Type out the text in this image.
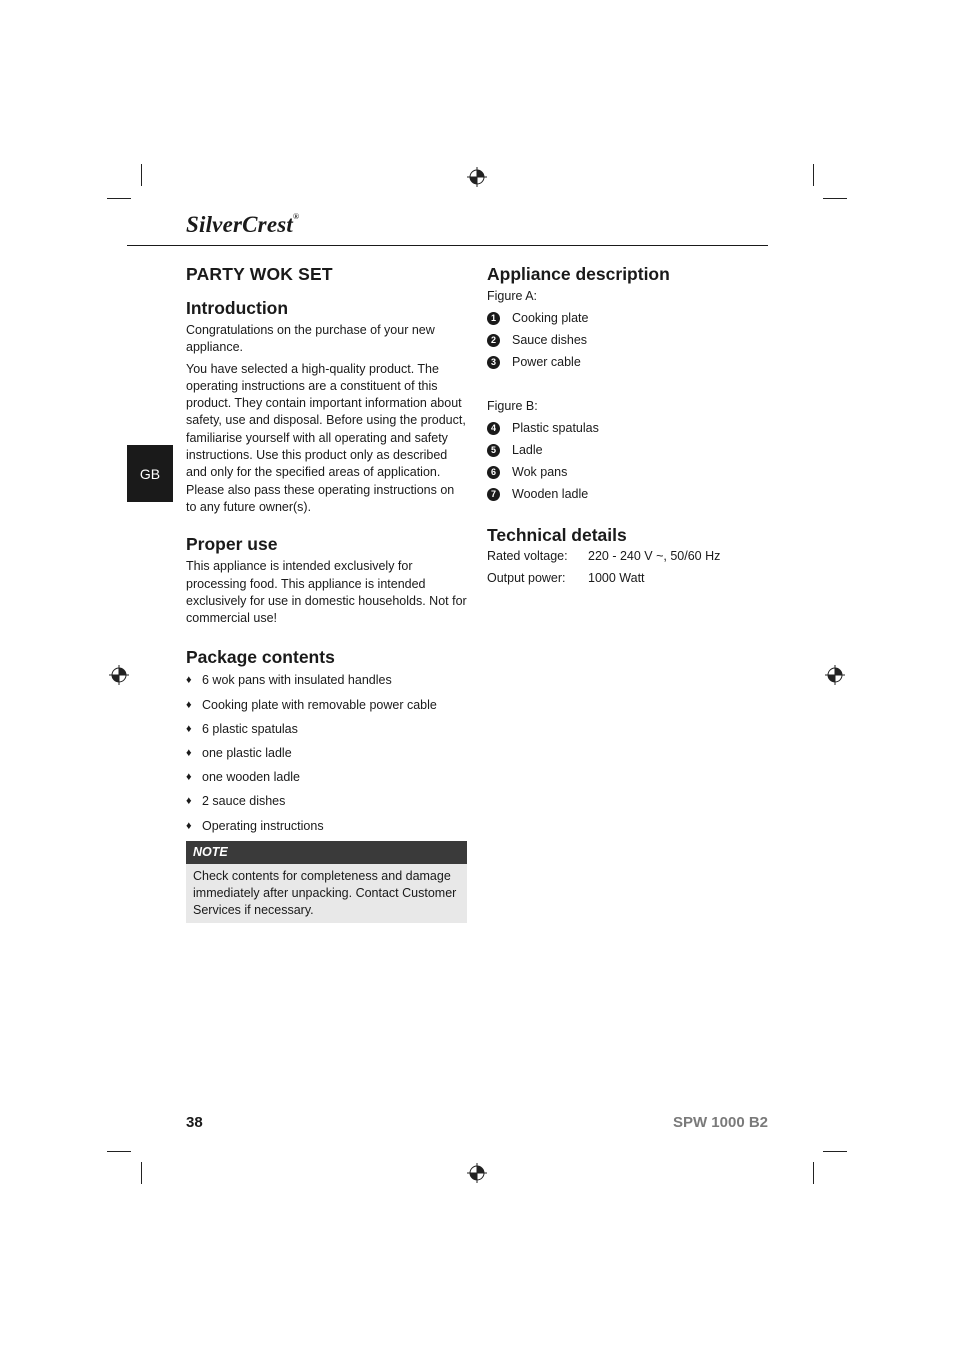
SilverCrest®
GB
PARTY WOK SET
Introduction

Congratulations on the purchase of your new appliance.

You have selected a high-quality product. The operating instructions are a constituent of this product. They contain important information about safety, use and disposal. Before using the product, familiarise yourself with all operating and safety instructions. Use this product only as described and only for the specified areas of application. Please also pass these operating instructions on to any future owner(s).

Proper use

This appliance is intended exclusively for processing food. This appliance is intended exclusively for use in domestic households. Not for commercial use!

Package contents
♦ 6 wok pans with insulated handles
♦ Cooking plate with removable power cable
♦ 6 plastic spatulas
♦ one plastic ladle
♦ one wooden ladle
♦ 2 sauce dishes
♦ Operating instructions
NOTE
Check contents for completeness and damage immediately after unpacking. Contact Customer Services if necessary.
Appliance description
Figure A:
1	Cooking plate
2	Sauce dishes
3	Power cable
Figure B:
4	Plastic spatulas
5	Ladle
6	Wok pans
7	Wooden ladle
Technical details
Rated voltage:	220 - 240 V ~, 50/60 Hz
Output power:	1000 Watt
38	SPW 1000 B2
